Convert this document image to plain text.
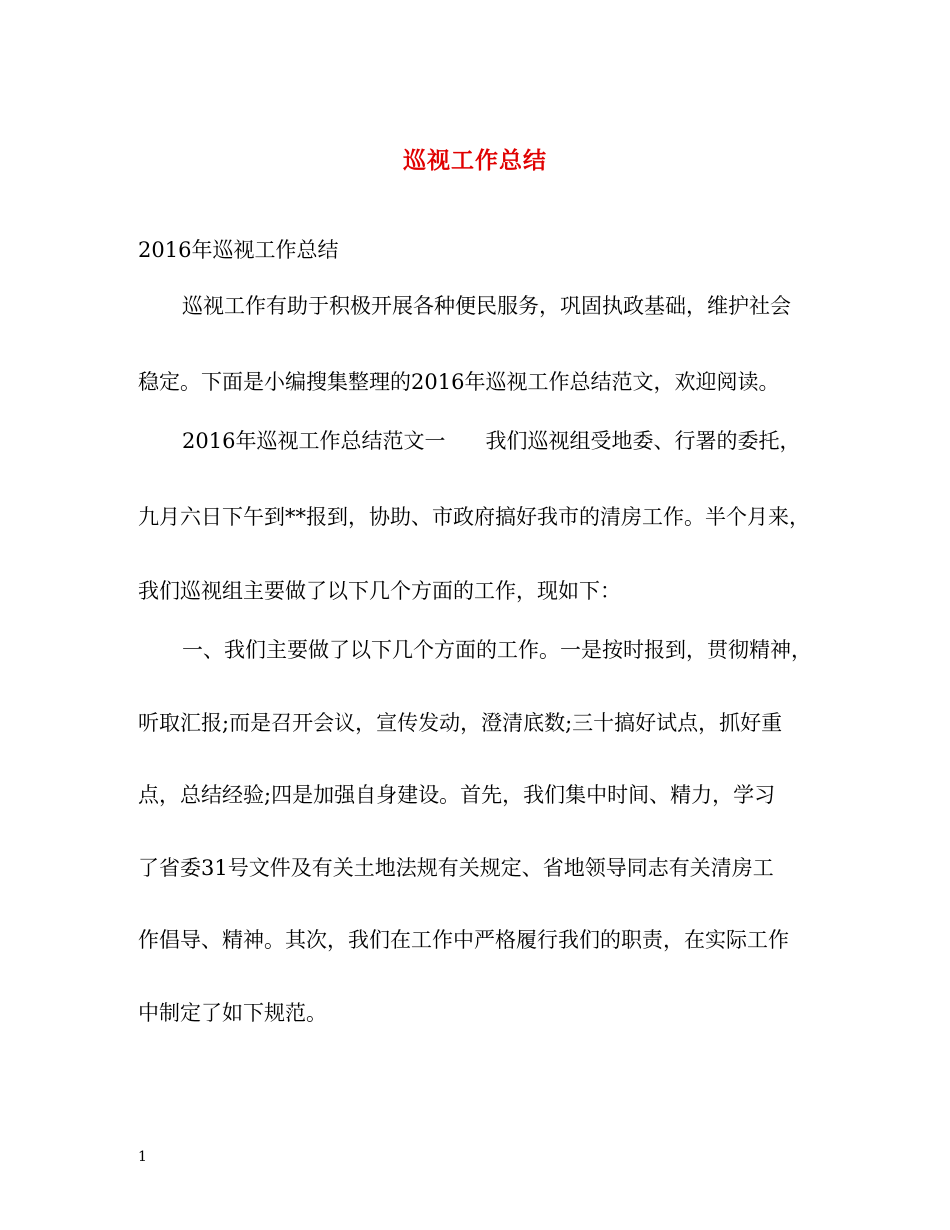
巡视工作总结
2016年巡视工作总结
巡视工作有助于积极开展各种便民服务，巩固执政基础，维护社会
稳定。下面是小编搜集整理的2016年巡视工作总结范文，欢迎阅读。
2016年巡视工作总结范文一 我们巡视组受地委、行署的委托，
九月六日下午到**报到，协助、市政府搞好我市的清房工作。半个月来，
我们巡视组主要做了以下几个方面的工作，现如下：
一、我们主要做了以下几个方面的工作。一是按时报到，贯彻精神，
听取汇报;而是召开会议，宣传发动，澄清底数;三十搞好试点，抓好重
点，总结经验;四是加强自身建设。首先，我们集中时间、精力，学习
了省委31号文件及有关土地法规有关规定、省地领导同志有关清房工
作倡导、精神。其次，我们在工作中严格履行我们的职责，在实际工作
中制定了如下规范。
1
